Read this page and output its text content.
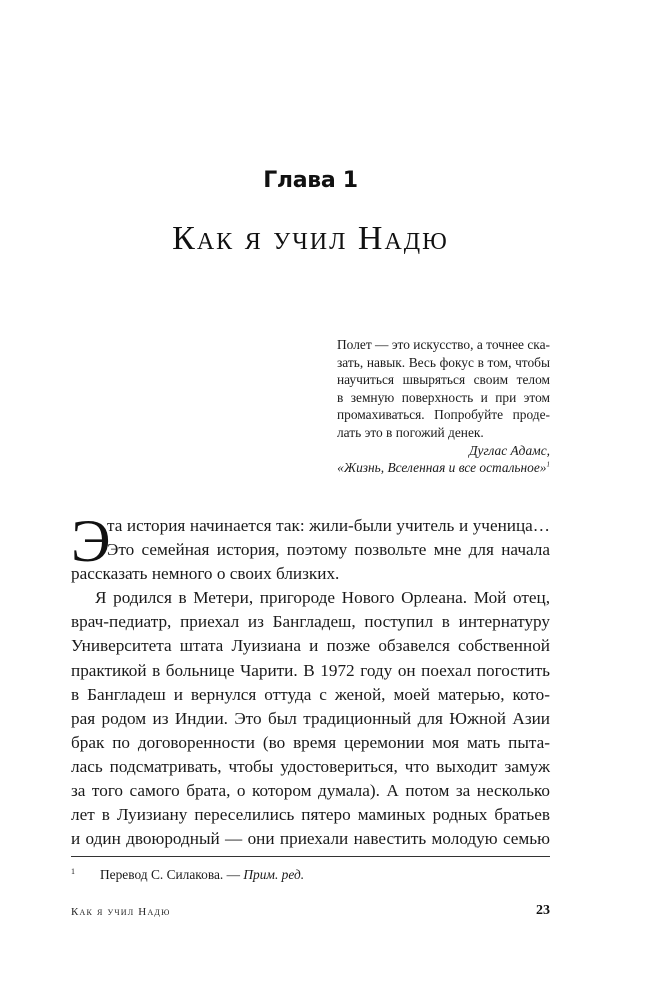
Глава 1
Как я учил Надю
Полет — это искусство, а точнее ска-
зать, навык. Весь фокус в том, чтобы
научиться швыряться своим телом
в земную поверхность и при этом
промахиваться. Попробуйте проде-
лать это в погожий денек.
Дуглас Адамс,
«Жизнь, Вселенная и все остальное»$^1$
Э
та история начинается так: жили-были учитель и ученица…
Это семейная история, поэтому позвольте мне для начала
рассказать немного о своих близких.
Я родился в Метери, пригороде Нового Орлеана. Мой отец,
врач-педиатр, приехал из Бангладеш, поступил в интернатуру
Университета штата Луизиана и позже обзавелся собственной
практикой в больнице Чарити. В 1972 году он поехал погостить
в Бангладеш и вернулся оттуда с женой, моей матерью, кото-
рая родом из Индии. Это был традиционный для Южной Азии
брак по договоренности (во время церемонии моя мать пыта-
лась подсматривать, чтобы удостовериться, что выходит замуж
за того самого брата, о котором думала). А потом за несколько
лет в Луизиану переселились пятеро маминых родных братьев
и один двоюродный — они приехали навестить молодую семью
1	Перевод С. Силакова. — Прим. ред.
Как я учил Надю	23
